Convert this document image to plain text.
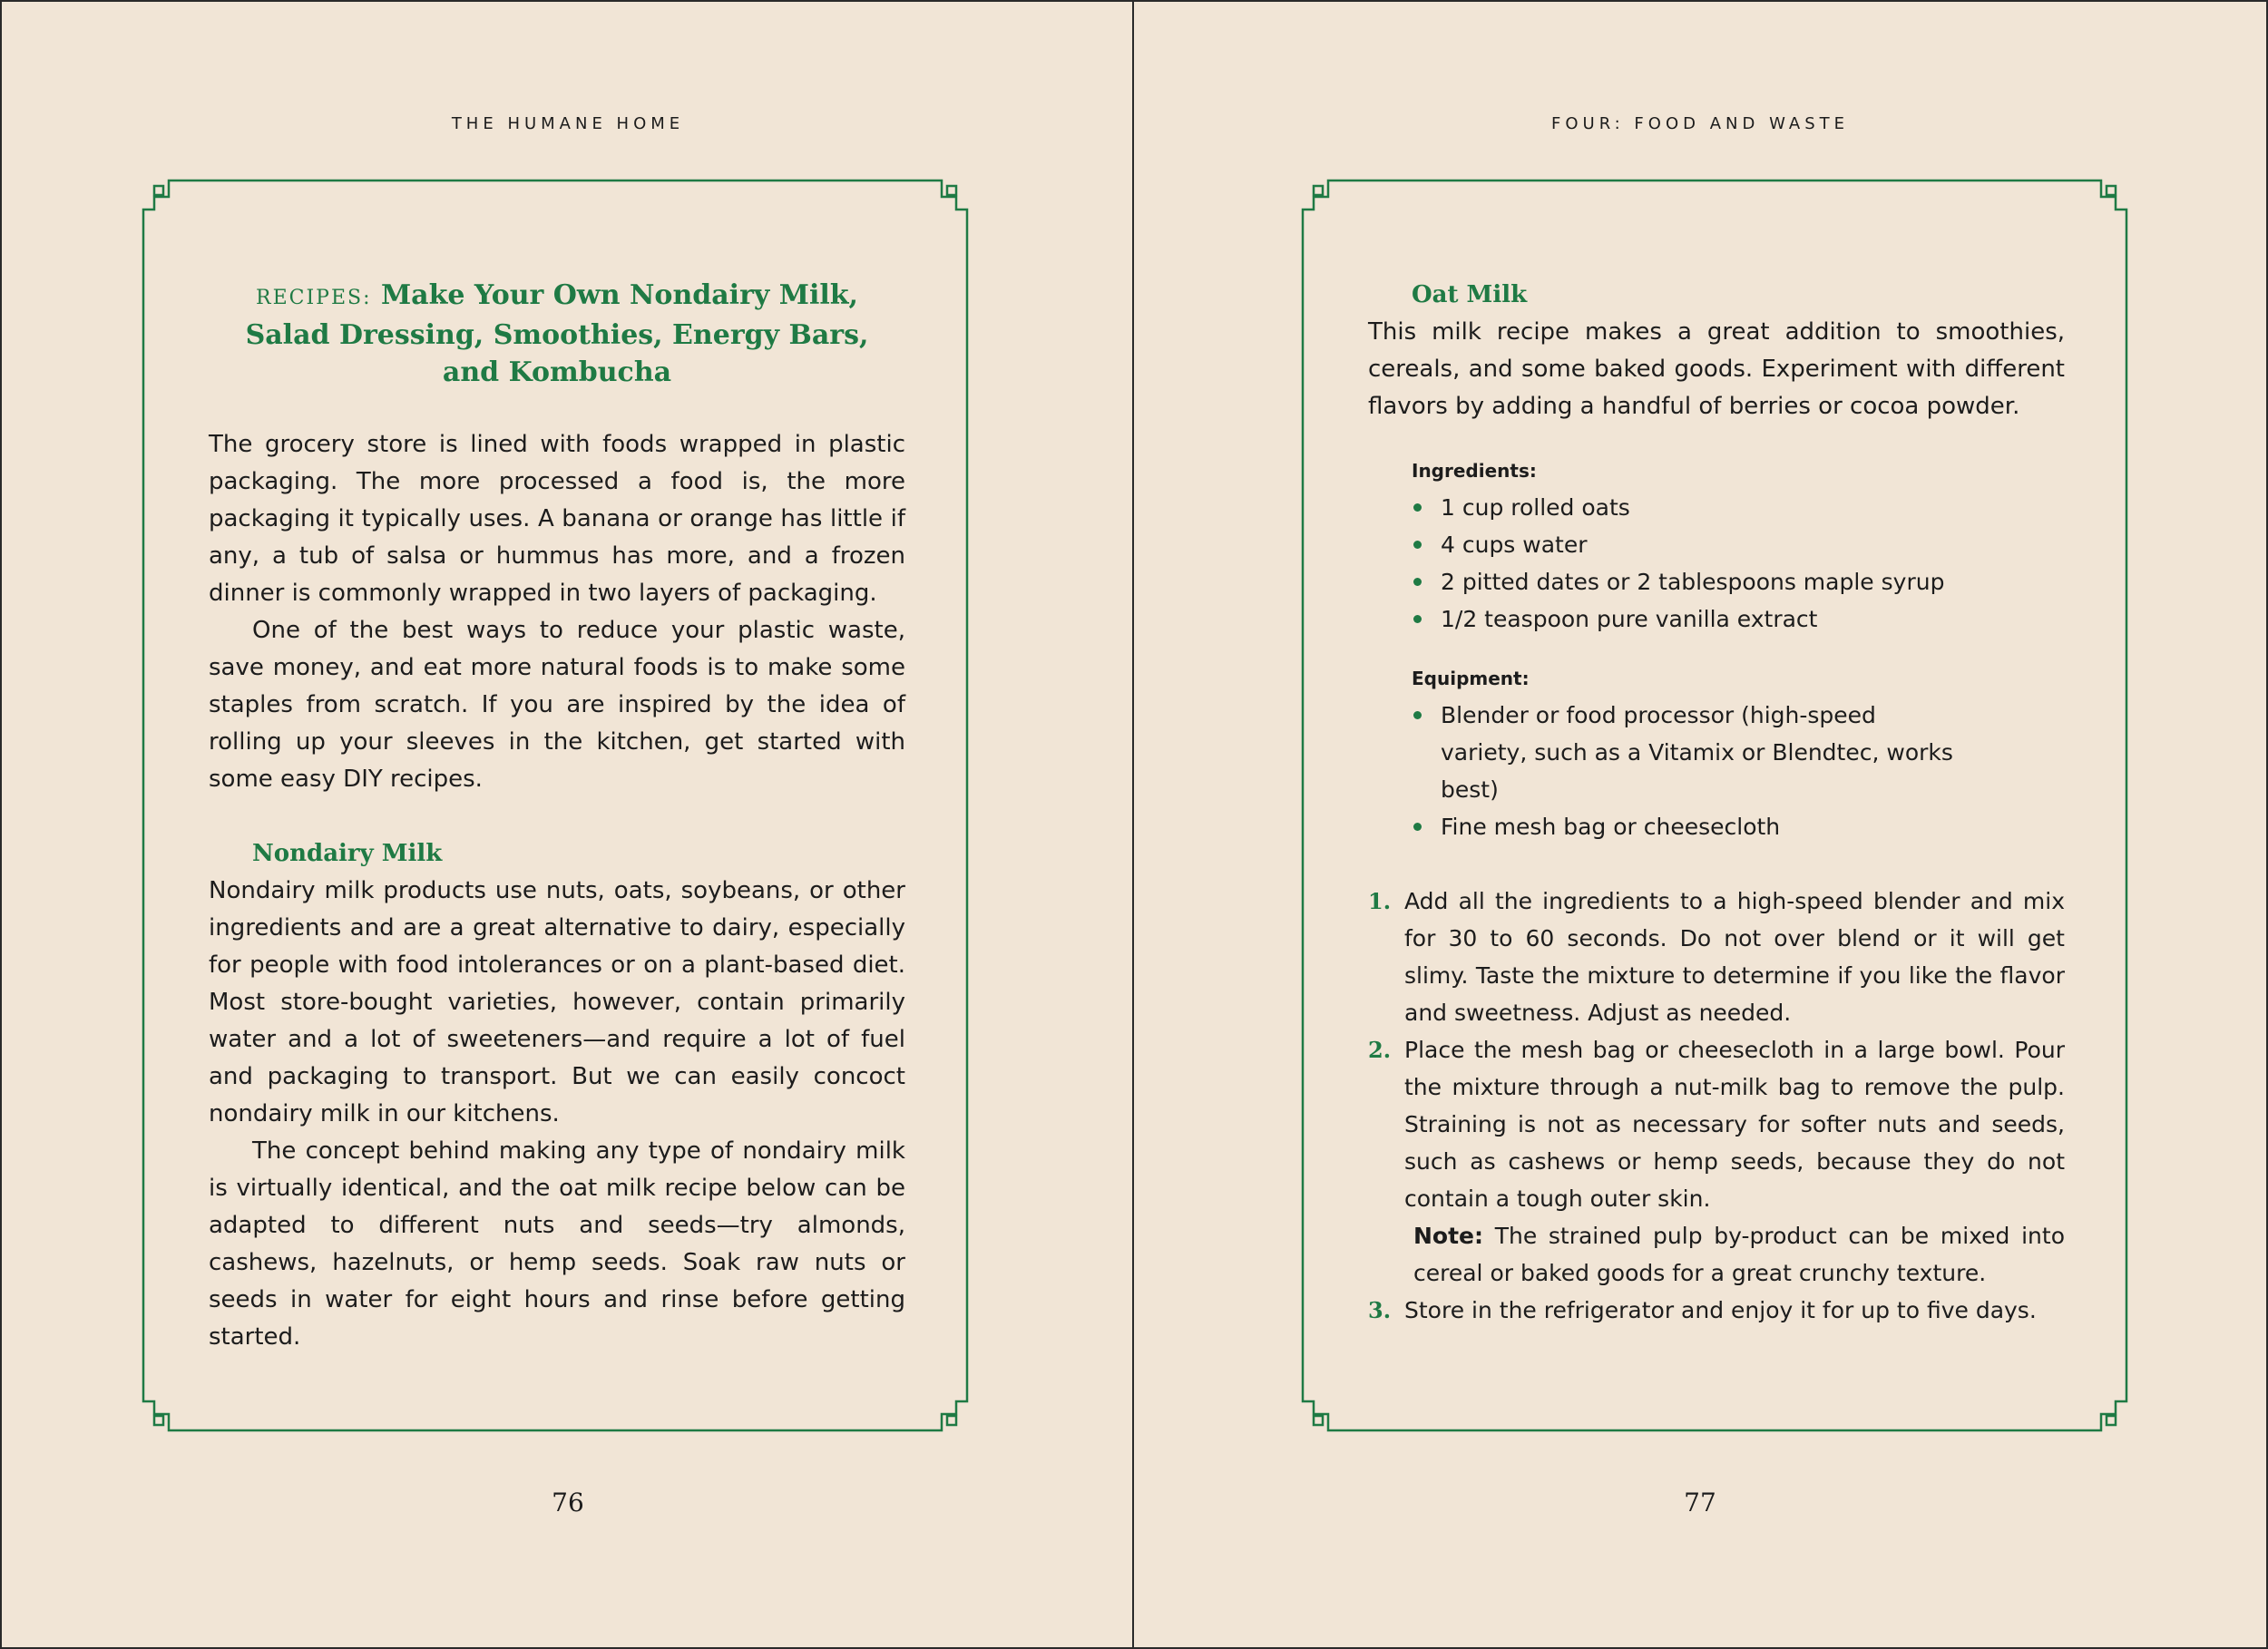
THE HUMANE HOME
RECIPES: Make Your Own Nondairy Milk,
Salad Dressing, Smoothies, Energy Bars,
and Kombucha

The grocery store is lined with foods wrapped in plastic packaging. The more processed a food is, the more packaging it typically uses. A banana or orange has little if any, a tub of salsa or hummus has more, and a frozen dinner is commonly wrapped in two layers of packaging.

One of the best ways to reduce your plastic waste, save money, and eat more natural foods is to make some staples from scratch. If you are inspired by the idea of rolling up your sleeves in the kitchen, get started with some easy DIY recipes.

Nondairy Milk

Nondairy milk products use nuts, oats, soybeans, or other ingredients and are a great alternative to dairy, especially for people with food intolerances or on a plant-based diet. Most store-bought varieties, however, contain primarily water and a lot of sweeteners—and require a lot of fuel and packaging to transport. But we can easily concoct nondairy milk in our kitchens.

The concept behind making any type of nondairy milk is virtually identical, and the oat milk recipe below can be adapted to different nuts and seeds—try almonds, cashews, hazelnuts, or hemp seeds. Soak raw nuts or seeds in water for eight hours and rinse before getting started.

76
FOUR: FOOD AND WASTE
Oat Milk

This milk recipe makes a great addition to smoothies, cereals, and some baked goods. Experiment with different flavors by adding a handful of berries or cocoa powder.

Ingredients:
1 cup rolled oats
4 cups water
2 pitted dates or 2 tablespoons maple syrup
1/2 teaspoon pure vanilla extract
Equipment:
Blender or food processor (high-speed variety, such as a Vitamix or Blendtec, works best)
Fine mesh bag or cheesecloth
1. Add all the ingredients to a high-speed blender and mix for 30 to 60 seconds. Do not over blend or it will get slimy. Taste the mixture to determine if you like the flavor and sweetness. Adjust as needed.
2. Place the mesh bag or cheesecloth in a large bowl. Pour the mixture through a nut-milk bag to remove the pulp. Straining is not as necessary for softer nuts and seeds, such as cashews or hemp seeds, because they do not contain a tough outer skin.
Note: The strained pulp by-product can be mixed into cereal or baked goods for a great crunchy texture.
3. Store in the refrigerator and enjoy it for up to five days.
77
